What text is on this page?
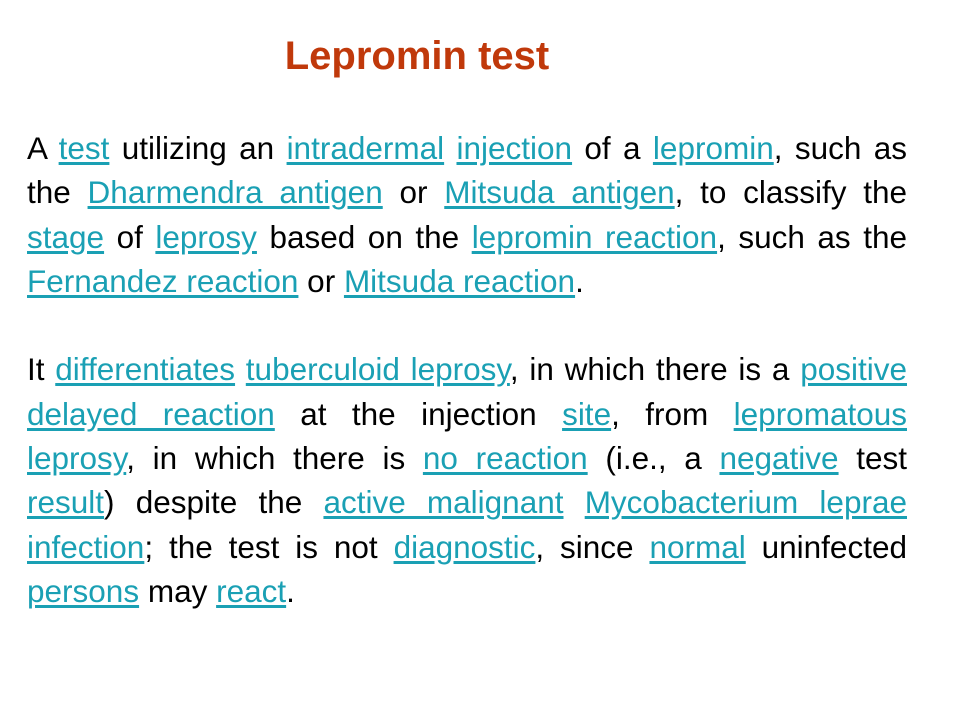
Lepromin test

A test utilizing an intradermal injection of a lepromin, such as the Dharmendra antigen or Mitsuda antigen, to classify the stage of leprosy based on the lepromin reaction, such as the Fernandez reaction or Mitsuda reaction.

It differentiates tuberculoid leprosy, in which there is a positive delayed reaction at the injection site, from lepromatous leprosy, in which there is no reaction (i.e., a negative test result) despite the active malignant Mycobacterium leprae infection; the test is not diagnostic, since normal uninfected persons may react.
